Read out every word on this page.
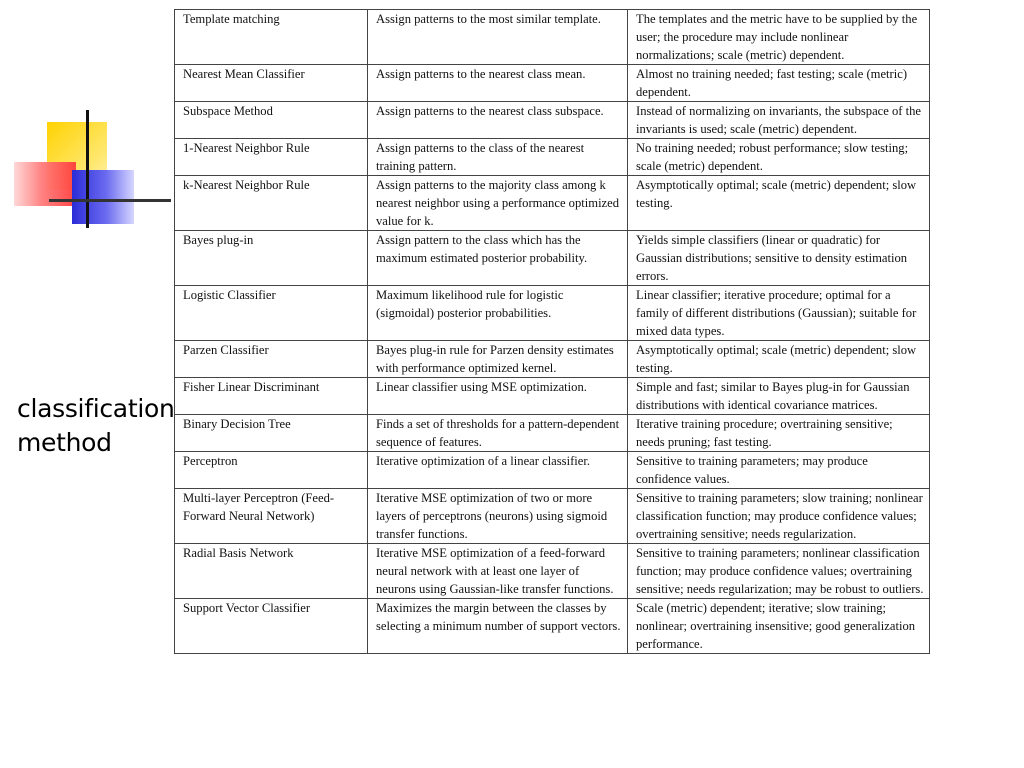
classification
method
Template matching	Assign patterns to the most similar template.	The templates and the metric have to be supplied by the user; the procedure may include nonlinear normalizations; scale (metric) dependent.
Nearest Mean Classifier	Assign patterns to the nearest class mean.	Almost no training needed; fast testing; scale (metric) dependent.
Subspace Method	Assign patterns to the nearest class subspace.	Instead of normalizing on invariants, the subspace of the invariants is used; scale (metric) dependent.
1-Nearest Neighbor Rule	Assign patterns to the class of the nearest training pattern.	No training needed; robust performance; slow testing; scale (metric) dependent.
k-Nearest Neighbor Rule	Assign patterns to the majority class among k nearest neighbor using a performance optimized value for k.	Asymptotically optimal; scale (metric) dependent; slow testing.
Bayes plug-in	Assign pattern to the class which has the maximum estimated posterior probability.	Yields simple classifiers (linear or quadratic) for Gaussian distributions; sensitive to density estimation errors.
Logistic Classifier	Maximum likelihood rule for logistic (sigmoidal) posterior probabilities.	Linear classifier; iterative procedure; optimal for a family of different distributions (Gaussian); suitable for mixed data types.
Parzen Classifier	Bayes plug-in rule for Parzen density estimates with performance optimized kernel.	Asymptotically optimal; scale (metric) dependent; slow testing.
Fisher Linear Discriminant	Linear classifier using MSE optimization.	Simple and fast; similar to Bayes plug-in for Gaussian distributions with identical covariance matrices.
Binary Decision Tree	Finds a set of thresholds for a pattern-dependent sequence of features.	Iterative training procedure; overtraining sensitive; needs pruning; fast testing.
Perceptron	Iterative optimization of a linear classifier.	Sensitive to training parameters; may produce confidence values.
Multi-layer Perceptron (Feed-Forward Neural Network)	Iterative MSE optimization of two or more layers of perceptrons (neurons) using sigmoid transfer functions.	Sensitive to training parameters; slow training; nonlinear classification function; may produce confidence values; overtraining sensitive; needs regularization.
Radial Basis Network	Iterative MSE optimization of a feed-forward neural network with at least one layer of neurons using Gaussian-like transfer functions.	Sensitive to training parameters; nonlinear classification function; may produce confidence values; overtraining sensitive; needs regularization; may be robust to outliers.
Support Vector Classifier	Maximizes the margin between the classes by selecting a minimum number of support vectors.	Scale (metric) dependent; iterative; slow training; nonlinear; overtraining insensitive; good generalization performance.
